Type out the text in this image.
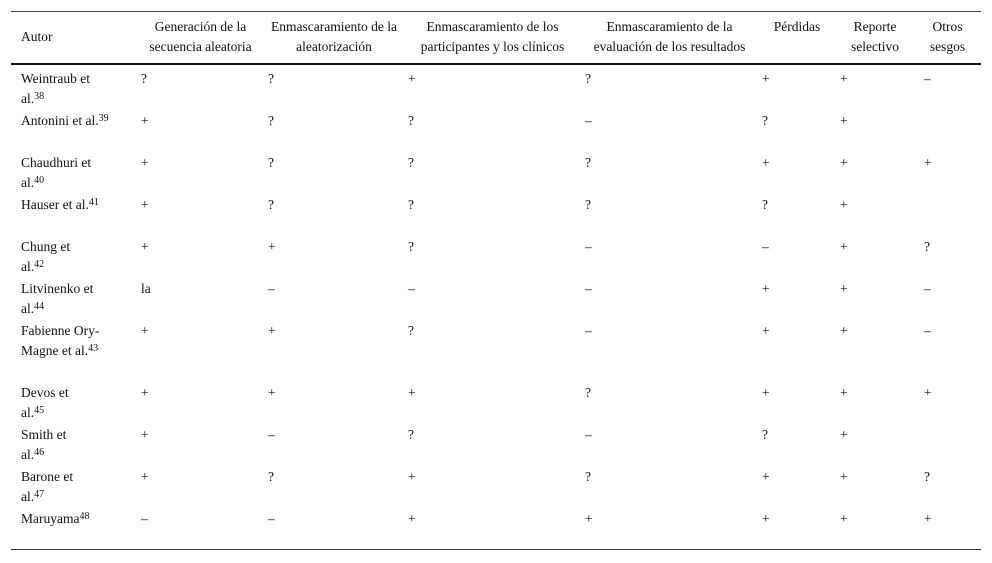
Autor	Generación de la secuencia aleatoria	Enmascaramiento de la aleatorización	Enmascaramiento de los participantes y los clínicos	Enmascaramiento de la evaluación de los resultados	Pérdidas	Reporte selectivo	Otros sesgos
Weintraub et al.$^{38}$	?	?	+	?	+	+	–
Antonini et al.$^{39}$	+	?	?	–	?	+	
Chaudhuri et al.$^{40}$	+	?	?	?	+	+	+
Hauser et al.$^{41}$	+	?	?	?	?	+	
Chung et al.$^{42}$	+	+	?	–	–	+	?
Litvinenko et al.$^{44}$	la	–	–	–	+	+	–
Fabienne Ory-Magne et al.$^{43}$	+	+	?	–	+	+	–
Devos et al.$^{45}$	+	+	+	?	+	+	+
Smith et al.$^{46}$	+	–	?	–	?	+	
Barone et al.$^{47}$	+	?	+	?	+	+	?
Maruyama$^{48}$	–	–	+	+	+	+	+
